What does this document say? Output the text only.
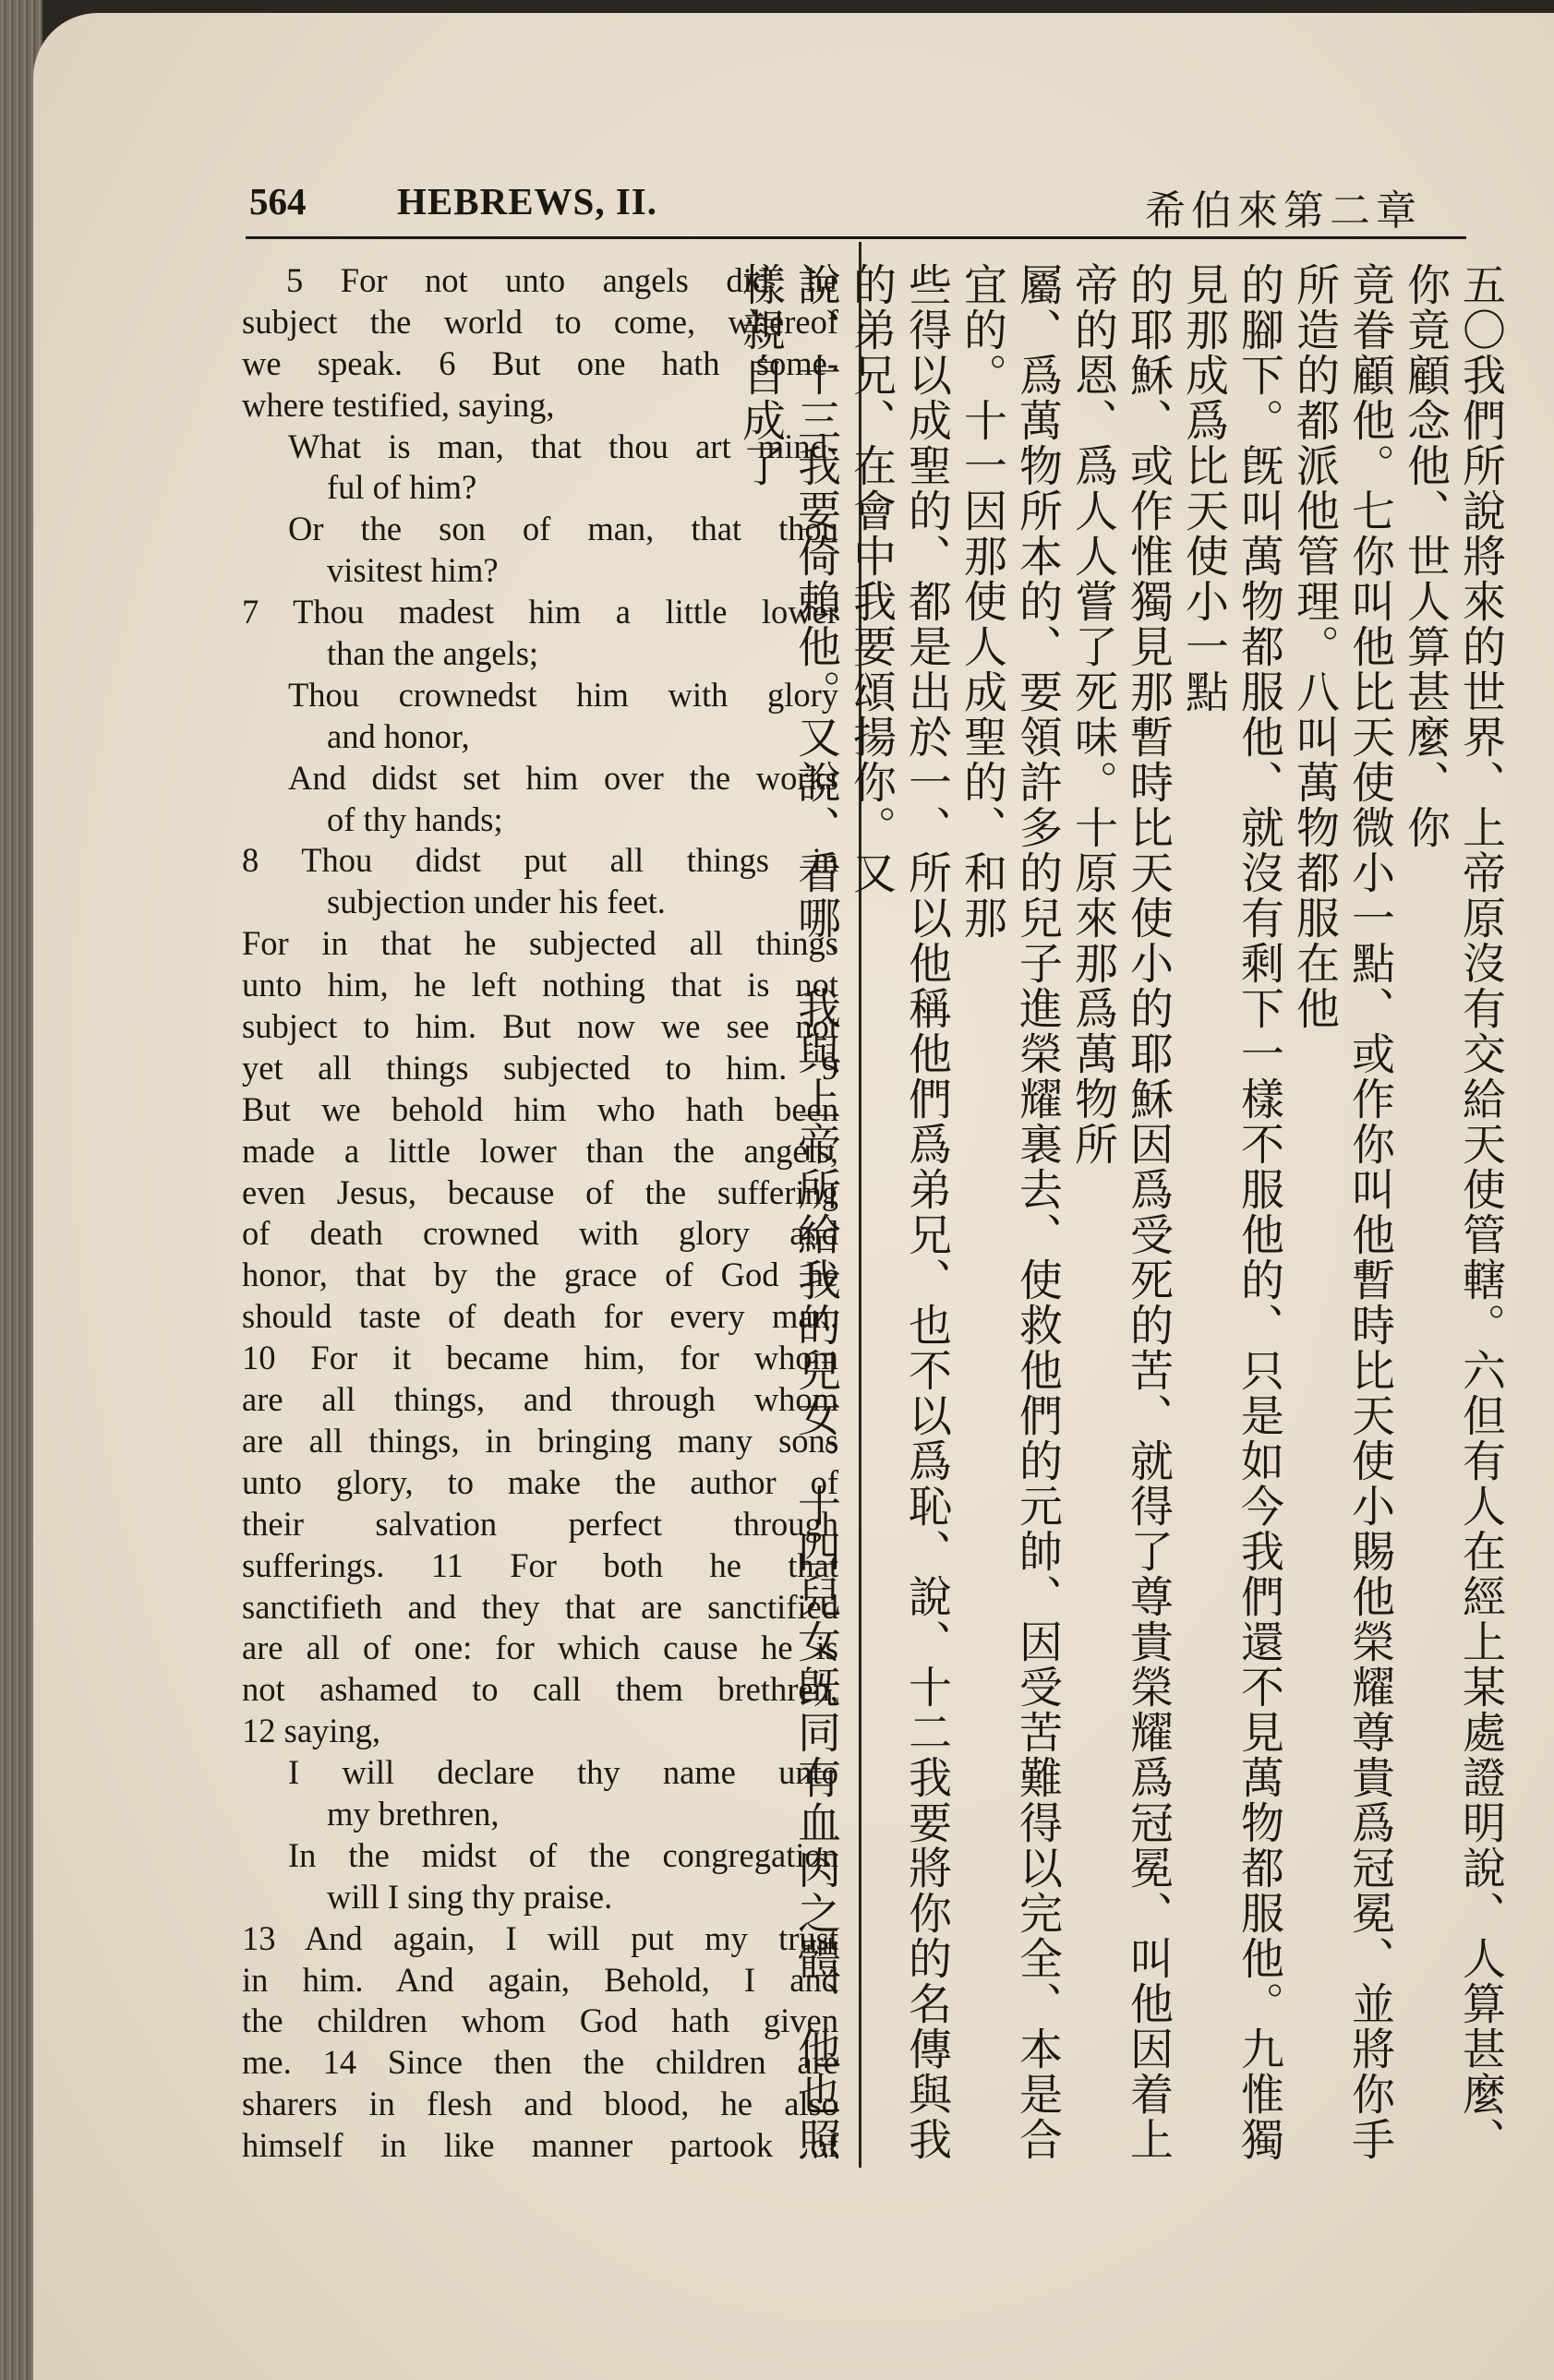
564 HEBREWS, II.	希伯來第二章
5 For not unto angels did he
subject the world to come, whereof
we speak. 6 But one hath some-
where testified, saying,
What is man, that thou art mind-
ful of him?
Or the son of man, that thou
visitest him?
7 Thou madest him a little lower
than the angels;
Thou crownedst him with glory
and honor,
And didst set him over the works
of thy hands;
8 Thou didst put all things in
subjection under his feet.
For in that he subjected all things
unto him, he left nothing that is not
subject to him. But now we see not
yet all things subjected to him. 9
But we behold him who hath been
made a little lower than the angels,
even Jesus, because of the suffering
of death crowned with glory and
honor, that by the grace of God he
should taste of death for every man.
10 For it became him, for whom
are all things, and through whom
are all things, in bringing many sons
unto glory, to make the author of
their salvation perfect through
sufferings. 11 For both he that
sanctifieth and they that are sanctified
are all of one: for which cause he is
not ashamed to call them brethren,
12 saying,
I will declare thy name unto
my brethren,
In the midst of the congregation
will I sing thy praise.
13 And again, I will put my trust
in him. And again, Behold, I and
the children whom God hath given
me. 14 Since then the children are
sharers in flesh and blood, he also
himself in like manner partook of	五〇我們所說將來的世界、上帝原沒有交給天使管轄。六但有人在經上某處證明說、人算甚麼、你竟顧念他、世人算甚麼、你
竟眷顧他。七你叫他比天使微小一點、或作你叫他暫時比天使小賜他榮耀尊貴爲冠冕、並將你手所造的都派他管理。八叫萬物都服在他
的腳下。旣叫萬物都服他、就沒有剩下一樣不服他的、只是如今我們還不見萬物都服他。九惟獨見那成爲比天使小一點
的耶穌、或作惟獨見那暫時比天使小的耶穌因爲受死的苦、就得了尊貴榮耀爲冠冕、叫他因着上帝的恩、爲人人嘗了死味。十原來那爲萬物所
屬、爲萬物所本的、要領許多的兒子進榮耀裏去、使救他們的元帥、因受苦難得以完全、本是合宜的。十一因那使人成聖的、和那
些得以成聖的、都是出於一、所以他稱他們爲弟兄、也不以爲恥、說、十二我要將你的名傳與我的弟兄、在會中我要頌揚你。又
說、十三我要倚賴他。又說、看哪、我與上帝所給我的兒女。十四兒女旣同有血肉之體、他也照樣親自成了
